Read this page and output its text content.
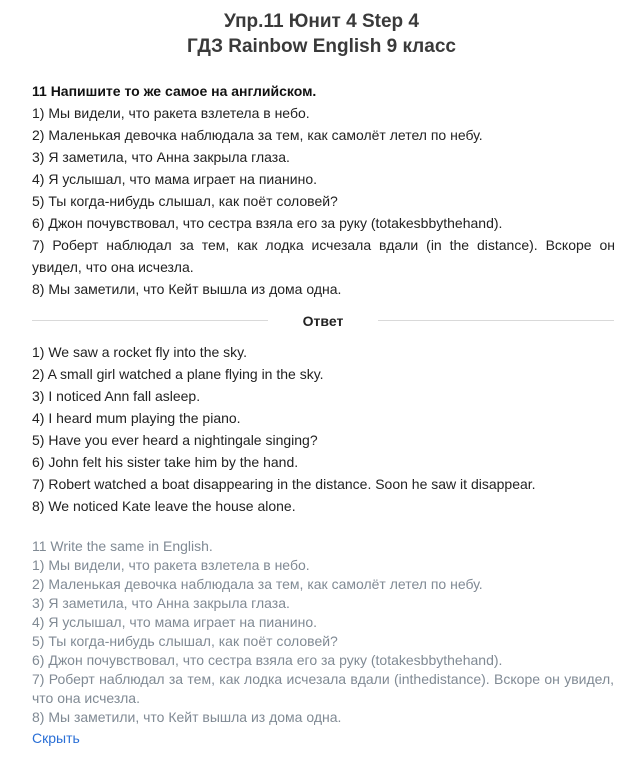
Упр.11 Юнит 4 Step 4
ГДЗ Rainbow English 9 класс
11 Напишите то же самое на английском.
1) Мы видели, что ракета взлетела в небо.
2) Маленькая девочка наблюдала за тем, как самолёт летел по небу.
3) Я заметила, что Анна закрыла глаза.
4) Я услышал, что мама играет на пианино.
5) Ты когда-нибудь слышал, как поёт соловей?
6) Джон почувствовал, что сестра взяла его за руку (totakesbbythehand).
7) Роберт наблюдал за тем, как лодка исчезала вдали (in the distance). Вскоре он увидел, что она исчезла.
8) Мы заметили, что Кейт вышла из дома одна.
Ответ
1) We saw a rocket fly into the sky.
2) A small girl watched a plane flying in the sky.
3) I noticed Ann fall asleep.
4) I heard mum playing the piano.
5) Have you ever heard a nightingale singing?
6) John felt his sister take him by the hand.
7) Robert watched a boat disappearing in the distance. Soon he saw it disappear.
8) We noticed Kate leave the house alone.
11 Write the same in English.
1) Мы видели, что ракета взлетела в небо.
2) Маленькая девочка наблюдала за тем, как самолёт летел по небу.
3) Я заметила, что Анна закрыла глаза.
4) Я услышал, что мама играет на пианино.
5) Ты когда-нибудь слышал, как поёт соловей?
6) Джон почувствовал, что сестра взяла его за руку (totakesbbythehand).
7) Роберт наблюдал за тем, как лодка исчезала вдали (inthedistance). Вскоре он увидел, что она исчезла.
8) Мы заметили, что Кейт вышла из дома одна.
Скрыть
